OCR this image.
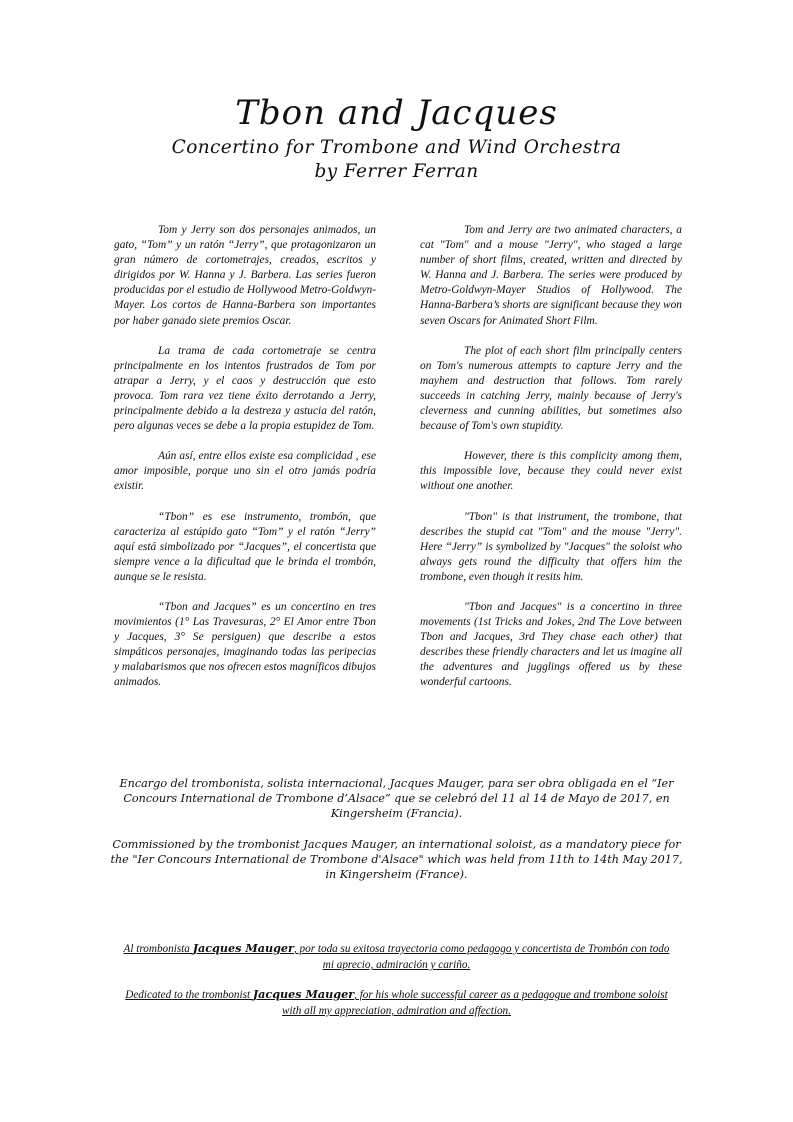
Tbon and Jacques
Concertino for Trombone and Wind Orchestra
by Ferrer Ferran

Tom y Jerry son dos personajes animados, un gato, “Tom” y un ratón “Jerry”, que protagonizaron un gran número de cortometrajes, creados, escritos y dirigidos por W. Hanna y J. Barbera. Las series fueron producidas por el estudio de Hollywood Metro-Goldwyn-Mayer. Los cortos de Hanna-Barbera son importantes por haber ganado siete premios Oscar.

La trama de cada cortometraje se centra principalmente en los intentos frustrados de Tom por atrapar a Jerry, y el caos y destrucción que esto provoca. Tom rara vez tiene éxito derrotando a Jerry, principalmente debido a la destreza y astucia del ratón, pero algunas veces se debe a la propia estupidez de Tom.

Aún así, entre ellos existe esa complicidad , ese amor imposible, porque uno sin el otro jamás podría existir.

“Tbon” es ese instrumento, trombón, que caracteriza al estúpido gato “Tom” y el ratón “Jerry” aquí está simbolizado por “Jacques”, el concertista que siempre vence a la dificultad que le brinda el trombón, aunque se le resista.

“Tbon and Jacques” es un concertino en tres movimientos (1° Las Travesuras, 2° El Amor entre Tbon y Jacques, 3° Se persiguen) que describe a estos simpáticos personajes, imaginando todas las peripecias y malabarismos que nos ofrecen estos magníficos dibujos animados.

Tom and Jerry are two animated characters, a cat "Tom" and a mouse "Jerry", who staged a large number of short films, created, written and directed by W. Hanna and J. Barbera. The series were produced by Metro-Goldwyn-Mayer Studios of Hollywood. The Hanna-Barbera’s shorts are significant because they won seven Oscars for Animated Short Film.

The plot of each short film principally centers on Tom's numerous attempts to capture Jerry and the mayhem and destruction that follows. Tom rarely succeeds in catching Jerry, mainly because of Jerry's cleverness and cunning abilities, but sometimes also because of Tom's own stupidity.

However, there is this complicity among them, this impossible love, because they could never exist without one another.

"Tbon" is that instrument, the trombone, that describes the stupid cat "Tom" and the mouse "Jerry". Here “Jerry” is symbolized by "Jacques" the soloist who always gets round the difficulty that offers him the trombone, even though it resits him.

"Tbon and Jacques" is a concertino in three movements (1st Tricks and Jokes, 2nd The Love between Tbon and Jacques, 3rd They chase each other) that describes these friendly characters and let us imagine all the adventures and jugglings offered us by these wonderful cartoons.

Encargo del trombonista, solista internacional, Jacques Mauger, para ser obra obligada en el “Ier Concours International de Trombone d’Alsace” que se celebró del 11 al 14 de Mayo de 2017, en Kingersheim (Francia).
Commissioned by the trombonist Jacques Mauger, an international soloist, as a mandatory piece for the "Ier Concours International de Trombone d'Alsace" which was held from 11th to 14th May 2017, in Kingersheim (France).
Al trombonista Jacques Mauger, por toda su exitosa trayectoria como pedagogo y concertista de Trombón con todo mi aprecio, admiración y cariño.
Dedicated to the trombonist Jacques Mauger, for his whole successful career as a pedagogue and trombone soloist with all my appreciation, admiration and affection.
